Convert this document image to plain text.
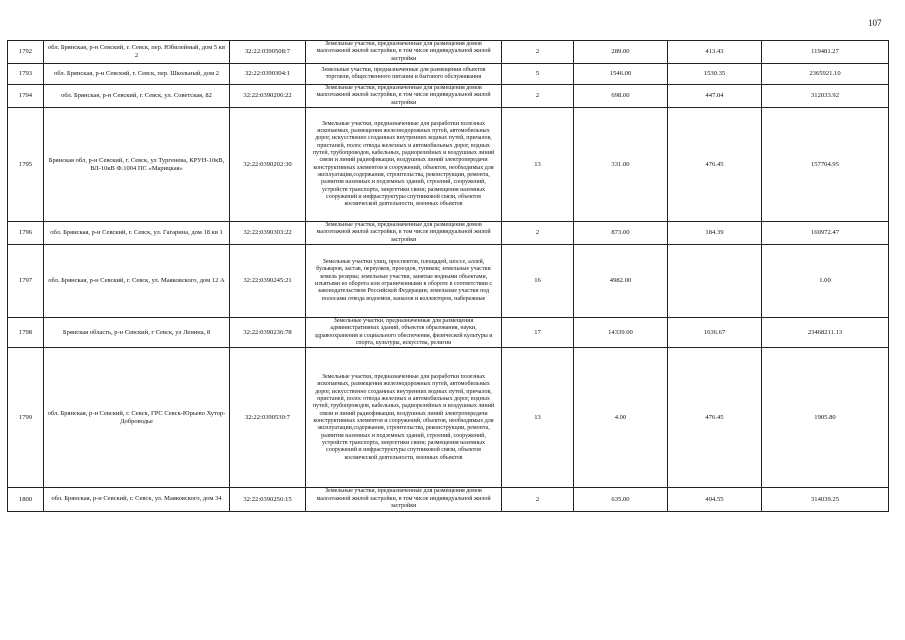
107
1792	обл. Брянская, р-н Севский, г. Севск, пер. Юбилейный, дом 5 кв 2	32:22:0390508:7	Земельные участки, предназначенные для размещения домов малоэтажной жилой застройки, в том числе индивидуальной жилой застройки	2	289.00	413.43	119481.27
1793	обл. Брянская, р-н Севский, г. Севск, пер. Школьный, дом 2	32:22:0390304:1	Земельные участки, предназначенные для размещения объектов торговли, общественного питания и бытового обслуживания	5	1546.00	1530.35	2365921.10
1794	обл. Брянская, р-н Севский, г. Севск, ул. Советская, 82	32:22:0390206:22	Земельные участки, предназначенные для размещения домов малоэтажной жилой застройки, в том числе индивидуальной жилой застройки	2	698.00	447.04	312033.92
1795	Брянская обл, р-н Севский, г. Севск, ул Тургенева, КРУН-10кВ, ВЛ-10кВ Ф.1004 ПС «Марицкая»	32:22:0390202:30	Земельные участки, предназначенные для разработки полезных ископаемых, размещения железнодорожных путей, автомобильных дорог, искусственно созданных внутренних водных путей, причалов, пристаней, полос отвода железных и автомобильных дорог, водных путей, трубопроводов, кабельных, радиорелейных и воздушных линий связи и линий радиофикации, воздушных линий электропередачи конструктивных элементов и сооружений, объектов, необходимых для эксплуатации,содержания, строительства, реконструкции, ремонта, развития наземных и подземных зданий, строений, сооружений, устройств транспорта, энергетики связи; размещения наземных сооружений и инфраструктуры спутниковой связи, объектов космической деятельности, военных объектов	13	331.00	476.45	157704.95
1796	обл. Брянская, р-н Севский, г. Севск, ул. Гагарина, дом 18 кв 1	32:22:0390303:22	Земельные участки, предназначенные для размещения домов малоэтажной жилой застройки, в том числе индивидуальной жилой застройки	2	873.00	184.39	160972.47
1797	обл. Брянская, р-н Севский, г. Севск, ул. Маяковского, дом 12 А	32:22:0390245:21	Земельные участки улиц, проспектов, площадей, шоссе, аллей, бульваров, застав, переулков, проездов, тупиков; земельные участки земель резерва; земельные участки, занятые водными объектами, изъятыми из оборота или ограниченными в обороте в соответствии с законодательством Российской Федерации; земельные участки под полосами отвода водоемов, каналов и коллекторов, набережные	16	4982.00		1.00
1798	Брянская область, р-н Севский, г Севск, ул Ленина, 8	32:22:0390236:78	Земельные участки, предназначенные для размещения административных зданий, объектов образования, науки, здравоохранения и социального обеспечения, физической культуры и спорта, культуры, искусства, религии	17	14339.00	1636.67	23468211.13
1799	обл. Брянская, р-н Севский, г. Севск, ГРС Севск-Юрьево Хутор-Доброводье	32:22:0390530:7	Земельные участки, предназначенные для разработки полезных ископаемых, размещения железнодорожных путей, автомобильных дорог, искусственно созданных внутренних водных путей, причалов, пристаней, полос отвода железных и автомобильных дорог, водных путей, трубопроводов, кабельных, радиорелейных и воздушных линий связи и линий радиофикации, воздушных линий электропередачи конструктивных элементов и сооружений, объектов, необходимых для эксплуатации,содержания, строительства, реконструкции, ремонта, развития наземных и подземных зданий, строений, сооружений, устройств транспорта, энергетики связи; размещения наземных сооружений и инфраструктуры спутниковой связи, объектов космической деятельности, военных объектов	13	4.00	476.45	1905.80
1800	обл. Брянская, р-н Севский, г. Севск, ул. Маяковского, дом 34	32:22:0390256:15	Земельные участки, предназначенные для размещения домов малоэтажной жилой застройки, в том числе индивидуальной жилой застройки	2	635.00	494.55	314039.25
